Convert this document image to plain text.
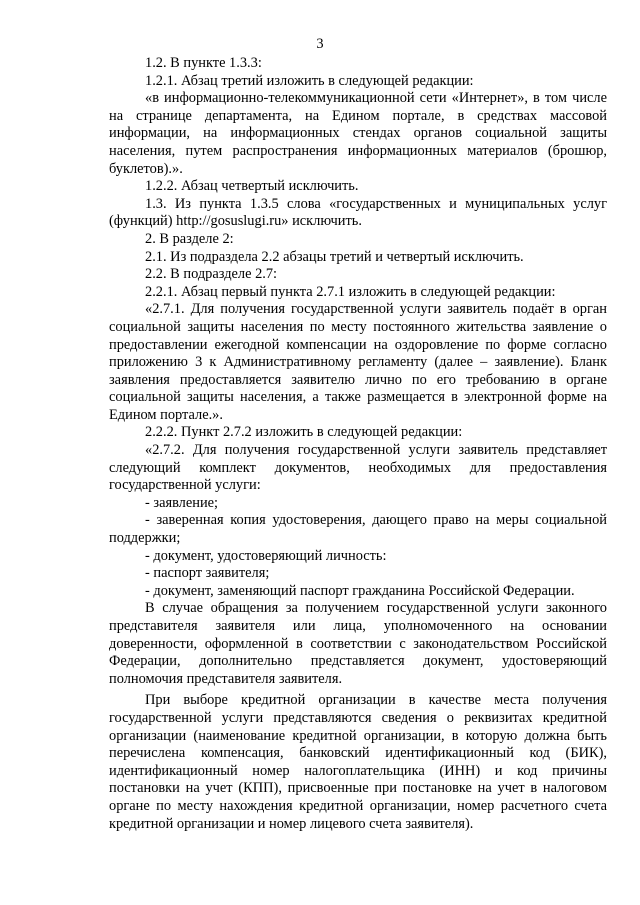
3

1.2. В пункте 1.3.3:

1.2.1. Абзац третий изложить в следующей редакции:

«в информационно-телекоммуникационной сети «Интернет», в том числе на странице департамента, на Едином портале, в средствах массовой информации, на информационных стендах органов социальной защиты населения, путем распространения информационных материалов (брошюр, буклетов).».

1.2.2. Абзац четвертый исключить.

1.3. Из пункта 1.3.5 слова «государственных и муниципальных услуг (функций) http://gosuslugi.ru» исключить.

2. В разделе 2:

2.1. Из подраздела 2.2 абзацы третий и четвертый исключить.

2.2. В подразделе 2.7:

2.2.1. Абзац первый пункта 2.7.1 изложить в следующей редакции:

«2.7.1. Для получения государственной услуги заявитель подаёт в орган социальной защиты населения по месту постоянного жительства заявление о предоставлении ежегодной компенсации на оздоровление по форме согласно приложению 3 к Административному регламенту (далее – заявление). Бланк заявления предоставляется заявителю лично по его требованию в органе социальной защиты населения, а также размещается в электронной форме на Едином портале.».

2.2.2. Пункт 2.7.2 изложить в следующей редакции:

«2.7.2. Для получения государственной услуги заявитель представляет следующий комплект документов, необходимых для предоставления государственной услуги:

- заявление;

- заверенная копия удостоверения, дающего право на меры социальной поддержки;

- документ, удостоверяющий личность:

- паспорт заявителя;

- документ, заменяющий паспорт гражданина Российской Федерации.

В случае обращения за получением государственной услуги законного представителя заявителя или лица, уполномоченного на основании доверенности, оформленной в соответствии с законодательством Российской Федерации, дополнительно представляется документ, удостоверяющий полномочия представителя заявителя.

При выборе кредитной организации в качестве места получения государственной услуги представляются сведения о реквизитах кредитной организации (наименование кредитной организации, в которую должна быть перечислена компенсация, банковский идентификационный код (БИК), идентификационный номер налогоплательщика (ИНН) и код причины постановки на учет (КПП), присвоенные при постановке на учет в налоговом органе по месту нахождения кредитной организации, номер расчетного счета кредитной организации и номер лицевого счета заявителя).
